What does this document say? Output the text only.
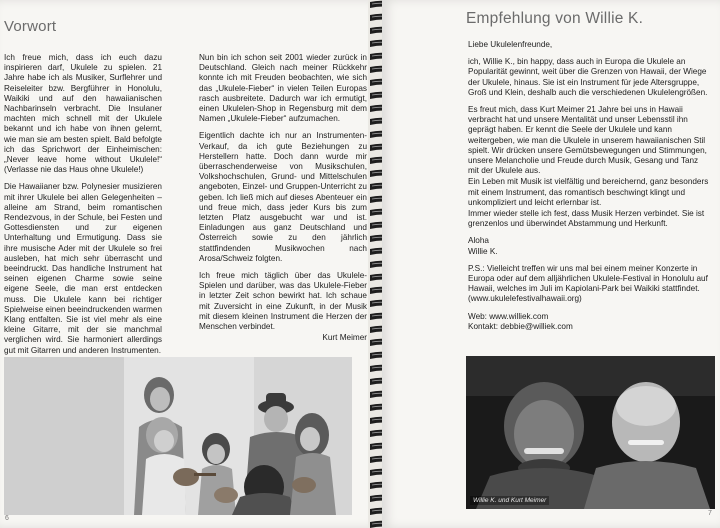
Vorwort

Ich freue mich, dass ich euch dazu inspirieren darf, Ukulele zu spielen. 21 Jahre habe ich als Musiker, Surflehrer und Reiseleiter bzw. Bergführer in Honolulu, Waikiki und auf den hawaiianischen Nachbarinseln verbracht. Die Insulaner machten mich schnell mit der Ukulele bekannt und ich habe von ihnen gelernt, wie man sie am besten spielt. Bald befolgte ich das Sprichwort der Einheimischen: „Never leave home without Ukulele!“ (Verlasse nie das Haus ohne Ukulele!)

Die Hawaiianer bzw. Polynesier musizieren mit ihrer Ukulele bei allen Gelegenheiten – alleine am Strand, beim romantischen Rendezvous, in der Schule, bei Festen und Gottesdiensten und zur eigenen Unterhaltung und Ermutigung. Dass sie ihre musische Ader mit der Ukulele so frei ausleben, hat mich sehr überrascht und beeindruckt. Das handliche Instrument hat seinen eigenen Charme sowie seine eigene Seele, die man erst entdecken muss. Die Ukulele kann bei richtiger Spielweise einen beeindruckenden warmen Klang entfalten. Sie ist viel mehr als eine kleine Gitarre, mit der sie manchmal verglichen wird. Sie harmoniert allerdings gut mit Gitarren und anderen Instrumenten.

Nun bin ich schon seit 2001 wieder zurück in Deutschland. Gleich nach meiner Rückkehr konnte ich mit Freuden beobachten, wie sich das „Ukulele-Fieber“ in vielen Teilen Europas rasch ausbreitete. Dadurch war ich ermutigt, einen Ukulelen-Shop in Regensburg mit dem Namen „Ukulele-Fieber“ aufzumachen.

Eigentlich dachte ich nur an Instrumenten-Verkauf, da ich gute Beziehungen zu Herstellern hatte. Doch dann wurde mir überraschenderweise von Musikschulen, Volkshochschulen, Grund- und Mittelschulen angeboten, Einzel- und Gruppen-Unterricht zu geben. Ich ließ mich auf dieses Abenteuer ein und freue mich, dass jeder Kurs bis zum letzten Platz ausgebucht war und ist. Einladungen aus ganz Deutschland und Österreich sowie zu den jährlich stattfindenden Musikwochen nach Arosa/Schweiz folgten.

Ich freue mich täglich über das Ukulele-Spielen und darüber, was das Ukulele-Fieber in letzter Zeit schon bewirkt hat. Ich schaue mit Zuversicht in eine Zukunft, in der Musik mit diesem kleinen Instrument die Herzen der Menschen verbindet.

Kurt Meimer
6
Empfehlung von Willie K.

Liebe Ukulelenfreunde,

ich, Willie K., bin happy, dass auch in Europa die Ukulele an Popularität gewinnt, weit über die Grenzen von Hawaii, der Wiege der Ukulele, hinaus. Sie ist ein Instrument für jede Altersgruppe, Groß und Klein, deshalb auch die verschiedenen Ukulelengrößen.

Es freut mich, dass Kurt Meimer 21 Jahre bei uns in Hawaii verbracht hat und unsere Mentalität und unser Lebensstil ihn geprägt haben. Er kennt die Seele der Ukulele und kann weitergeben, wie man die Ukulele in unserem hawaiianischen Stil spielt. Wir drücken unsere Gemütsbewegungen und Stimmungen, unsere Melancholie und Freude durch Musik, Gesang und Tanz mit der Ukulele aus.

Ein Leben mit Musik ist vielfältig und bereichernd, ganz besonders mit einem Instrument, das romantisch beschwingt klingt und unkompliziert und leicht erlernbar ist.

Immer wieder stelle ich fest, dass Musik Herzen verbindet. Sie ist grenzenlos und überwindet Abstammung und Herkunft.

Aloha
Willie K.

P.S.: Vielleicht treffen wir uns mal bei einem meiner Konzerte in Europa oder auf dem alljährlichen Ukulele-Festival in Honolulu auf Hawaii, welches im Juli im Kapiolani-Park bei Waikiki stattfindet. (www.ukulelefestivalhawaii.org)

Web: www.williek.com
Kontakt: debbie@williek.com

Willie K. und Kurt Meimer
7
